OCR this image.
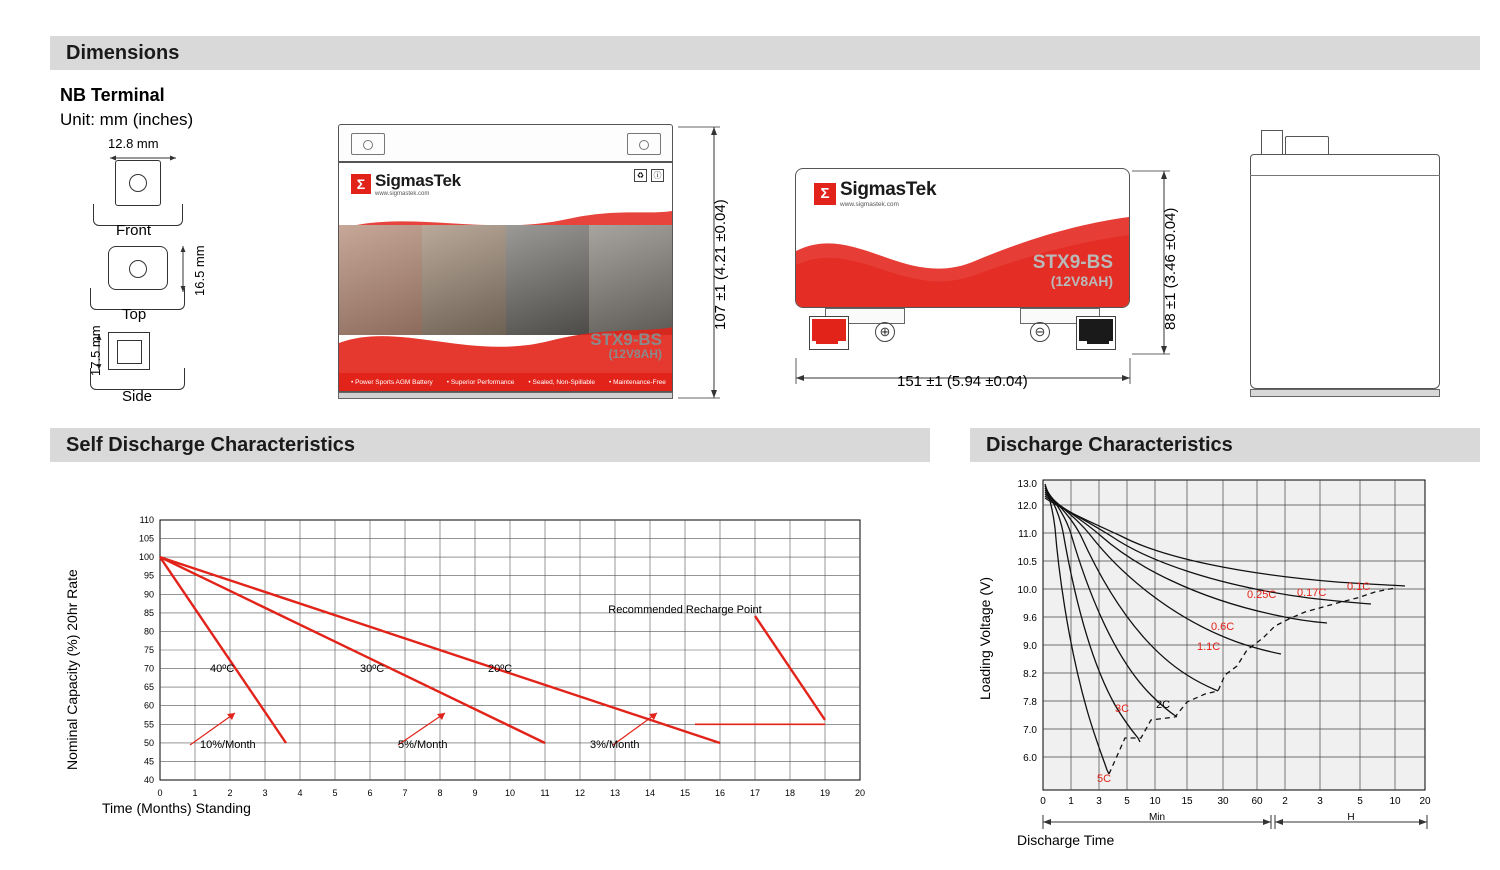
Dimensions
NB Terminal
Unit: mm (inches)
12.8 mm
Front
Top
16.5 mm
Side
17.5 mm
Σ SigmasTek
www.sigmastek.com
♻	ⓘ
STX9-BS
(12V8AH)
• Power Sports AGM Battery • Superior Performance • Sealed, Non-Spillable • Maintenance-Free
107 ±1 (4.21 ±0.04)
Σ SigmasTek
www.sigmastek.com
STX9-BS
(12V8AH)
⊕	⊖
88 ±1 (3.46 ±0.04)
151 ±1 (5.94 ±0.04)
Self Discharge Characteristics
110
105
100
95
90
85
80
75
70
65
60
55
50
45
40
0	1	2	3	4	5	6	7	8	9	10	11	12	13	14	15	16	17	18	19	20
40ºC	30ºC	20ºC
10%/Month	5%/Month	3%/Month
Recommended Recharge Point
Nominal Capacity (%) 20hr Rate
Time (Months) Standing
Discharge Characteristics
13.0
12.0
11.0
10.5
10.0
9.6
9.0
8.2
7.8
7.0
6.0
0 1 3 5 10 15 30 60 2	3	5	10 20
5C
3C 2C
1.1C
0.6C
0.25C 0.17C 0.1C
Min	H
Loading Voltage (V)
Discharge Time
